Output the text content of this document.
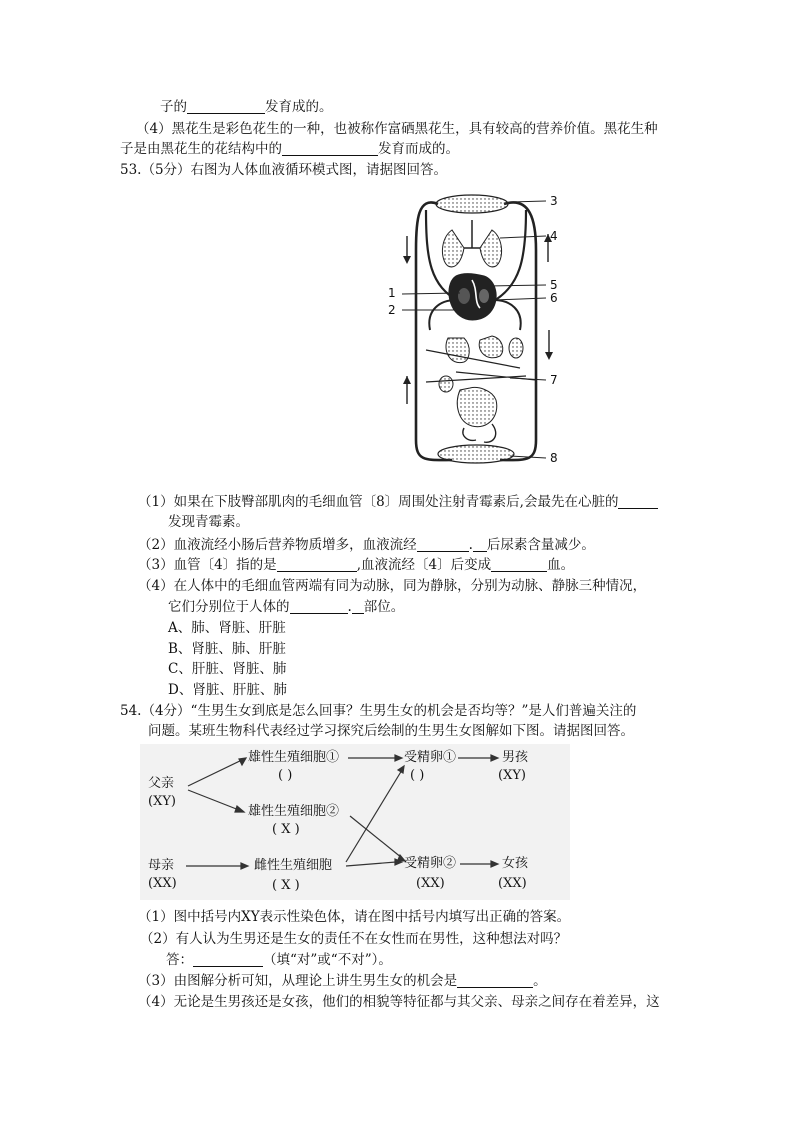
子的	发育成的。
（4）黑花生是彩色花生的一种，也被称作富硒黑花生，具有较高的营养价值。黑花生种
子是由黑花生的花结构中的	发育而成的。
53.（5分）右图为人体血液循环模式图，请据图回答。
3
4
5
6
1
2
7
8
（1）如果在下肢臀部肌肉的毛细血管〔8〕周围处注射青霉素后,会最先在心脏的
发现青霉素。
（2）血液流经小肠后营养物质增多，血液流经	. 后尿素含量减少。
（3）血管〔4〕指的是	,血液流经〔4〕后变成	血。
（4）在人体中的毛细血管两端有同为动脉，同为静脉，分别为动脉、静脉三种情况，
它们分别位于人体的	. 部位。
A、肺、肾脏、肝脏
B、肾脏、肺、肝脏
C、肝脏、肾脏、肺
D、肾脏、肝脏、肺
54.（4分）“生男生女到底是怎么回事？生男生女的机会是否均等？”是人们普遍关注的
问题。某班生物科代表经过学习探究后绘制的生男生女图解如下图。请据图回答。
父亲
(XY)
雄性生殖细胞①
( )
雄性生殖细胞②
( X )
母亲
(XX)
雌性生殖细胞
( X )
受精卵①
( )
受精卵②
(XX)
男孩
(XY)
女孩
(XX)
（1）图中括号内XY表示性染色体，请在图中括号内填写出正确的答案。
（2）有人认为生男还是生女的责任不在女性而在男性，这种想法对吗？
答：	（填“对”或“不对”）。
（3）由图解分析可知，从理论上讲生男生女的机会是	。
（4）无论是生男孩还是女孩，他们的相貌等特征都与其父亲、母亲之间存在着差异，这
